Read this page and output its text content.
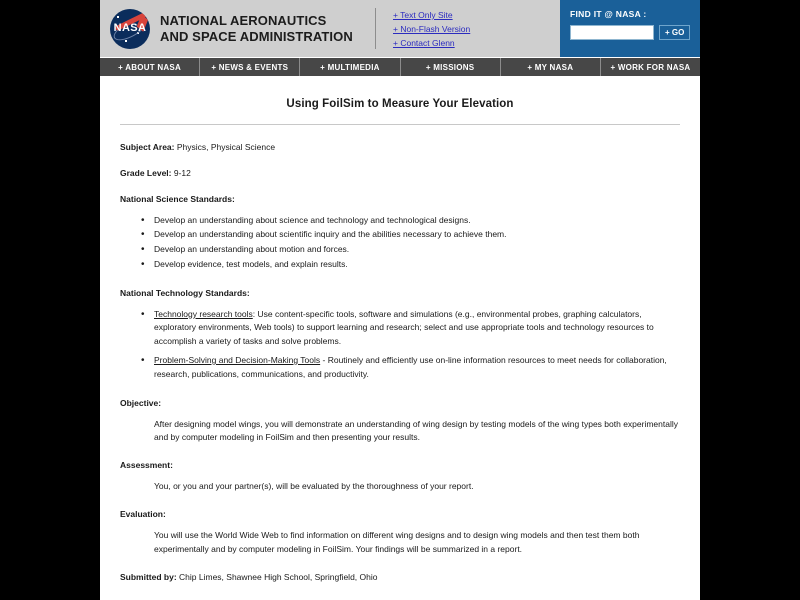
NASA NATIONAL AERONAUTICS
AND SPACE ADMINISTRATION
+ Text Only Site
+ Non-Flash Version
+ Contact Glenn
FIND IT @ NASA :
+ GO
+ ABOUT NASA	+ NEWS & EVENTS	+ MULTIMEDIA	+ MISSIONS	+ MY NASA	+ WORK FOR NASA
Using FoilSim to Measure Your Elevation

Subject Area: Physics, Physical Science

Grade Level: 9-12

National Science Standards:
• Develop an understanding about science and technology and technological designs.
• Develop an understanding about scientific inquiry and the abilities necessary to achieve them.
• Develop an understanding about motion and forces.
• Develop evidence, test models, and explain results.
National Technology Standards:
• Technology research tools: Use content-specific tools, software and simulations (e.g., environmental probes, graphing calculators, exploratory environments, Web tools) to support learning and research; select and use appropriate tools and technology resources to accomplish a variety of tasks and solve problems.
• Problem-Solving and Decision-Making Tools - Routinely and efficiently use on-line information resources to meet needs for collaboration, research, publications, communications, and productivity.
Objective:

After designing model wings, you will demonstrate an understanding of wing design by testing models of the wing types both experimentally and by computer modeling in FoilSim and then presenting your results.

Assessment:

You, or you and your partner(s), will be evaluated by the thoroughness of your report.

Evaluation:

You will use the World Wide Web to find information on different wing designs and to design wing models and then test them both experimentally and by computer modeling in FoilSim. Your findings will be summarized in a report.

Submitted by: Chip Limes, Shawnee High School, Springfield, Ohio
